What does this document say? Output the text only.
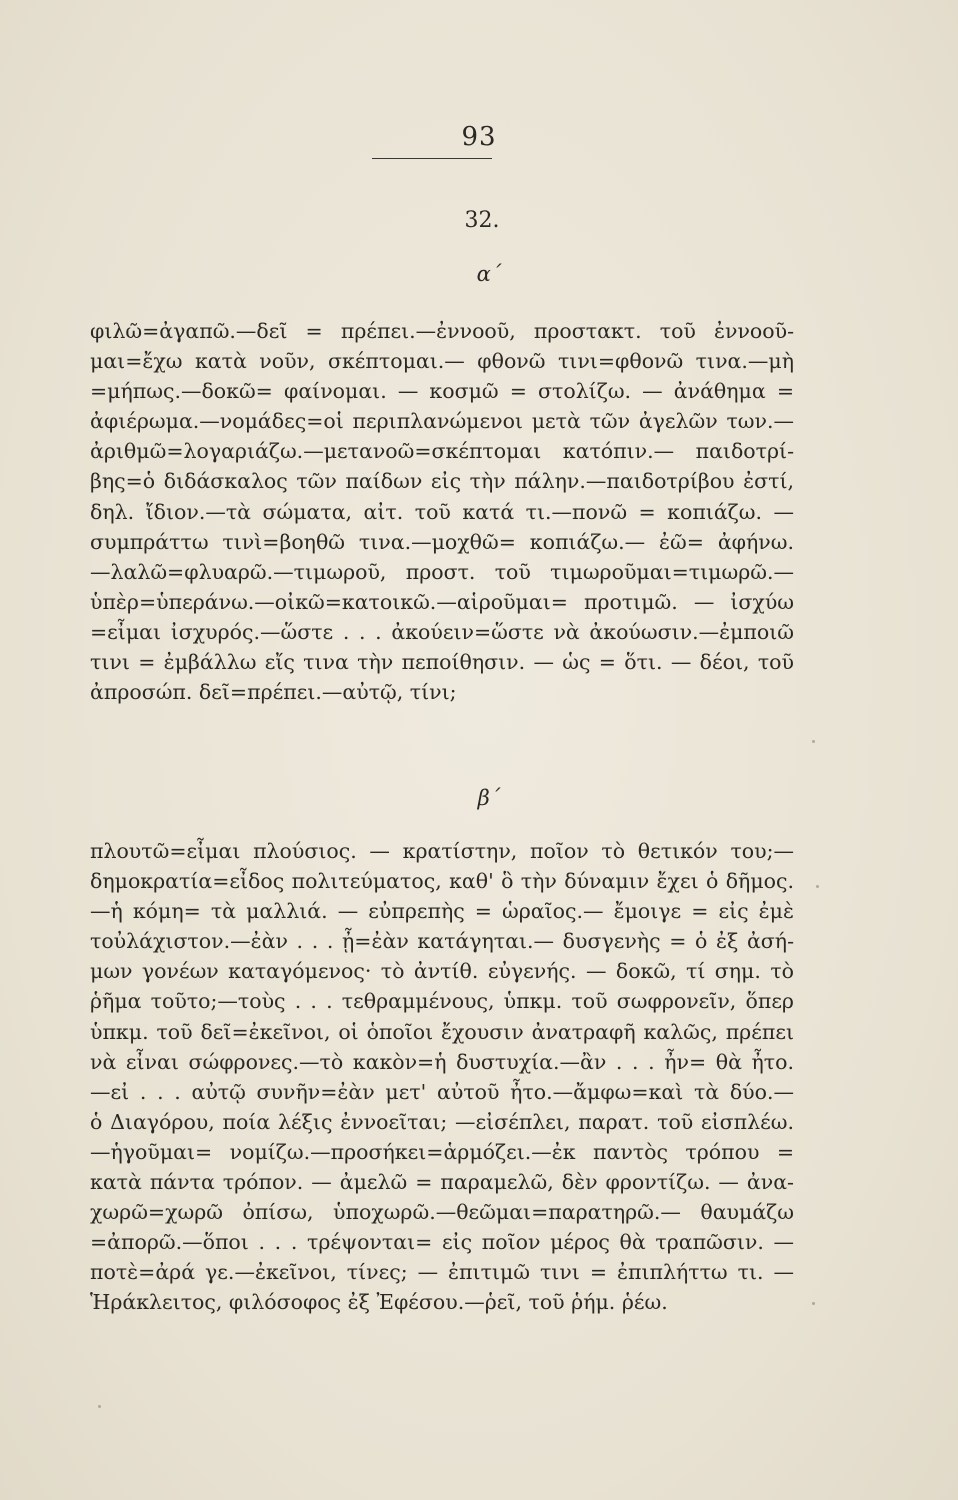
93
32.
α΄
φιλῶ=ἀγαπῶ.—δεῖ = πρέπει.—ἐννοοῦ, προστακτ. τοῦ ἐννοοῦ-
μαι=ἔχω κατὰ νοῦν, σκέπτομαι.— φθονῶ τινι=φθονῶ τινα.—μὴ
=μήπως.—δοκῶ= φαίνομαι. — κοσμῶ = στολίζω. — ἀνάθημα =
ἀφιέρωμα.—νομάδες=οἱ περιπλανώμενοι μετὰ τῶν ἀγελῶν των.—
ἀριθμῶ=λογαριάζω.—μετανοῶ=σκέπτομαι κατόπιν.— παιδοτρί-
βης=ὁ διδάσκαλος τῶν παίδων εἰς τὴν πάλην.—παιδοτρίβου ἐστί,
δηλ. ἴδιον.—τὰ σώματα, αἰτ. τοῦ κατά τι.—πονῶ = κοπιάζω. —
συμπράττω τινὶ=βοηθῶ τινα.—μοχθῶ= κοπιάζω.— ἐῶ= ἀφήνω.
—λαλῶ=φλυαρῶ.—τιμωροῦ, προστ. τοῦ τιμωροῦμαι=τιμωρῶ.—
ὑπὲρ=ὑπεράνω.—οἰκῶ=κατοικῶ.—αἱροῦμαι= προτιμῶ. — ἰσχύω
=εἶμαι ἰσχυρός.—ὥστε . . . ἀκούειν=ὥστε νὰ ἀκούωσιν.—ἐμποιῶ
τινι = ἐμβάλλω εἴς τινα τὴν πεποίθησιν. — ὡς = ὅτι. — δέοι, τοῦ
ἀπροσώπ. δεῖ=πρέπει.—αὐτῷ, τίνι;
β΄
πλουτῶ=εἶμαι πλούσιος. — κρατίστην, ποῖον τὸ θετικόν του;—
δημοκρατία=εἶδος πολιτεύματος, καθ' ὃ τὴν δύναμιν ἔχει ὁ δῆμος.
—ἡ κόμη= τὰ μαλλιά. — εὐπρεπὴς = ὡραῖος.— ἔμοιγε = εἰς ἐμὲ
τοὐλάχιστον.—ἐὰν . . . ᾖ=ἐὰν κατάγηται.— δυσγενὴς = ὁ ἐξ ἀσή-
μων γονέων καταγόμενος· τὸ ἀντίθ. εὐγενής. — δοκῶ, τί σημ. τὸ
ῥῆμα τοῦτο;—τοὺς . . . τεθραμμένους, ὑπκμ. τοῦ σωφρονεῖν, ὅπερ
ὑπκμ. τοῦ δεῖ=ἐκεῖνοι, οἱ ὁποῖοι ἔχουσιν ἀνατραφῆ καλῶς, πρέπει
νὰ εἶναι σώφρονες.—τὸ κακὸν=ἡ δυστυχία.—ἂν . . . ἦν= θὰ ἦτο.
—εἰ . . . αὐτῷ συνῆν=ἐὰν μετ' αὐτοῦ ἦτο.—ἄμφω=καὶ τὰ δύο.—
ὁ Διαγόρου, ποία λέξις ἐννοεῖται; —εἰσέπλει, παρατ. τοῦ εἰσπλέω.
—ἡγοῦμαι= νομίζω.—προσήκει=ἁρμόζει.—ἐκ παντὸς τρόπου =
κατὰ πάντα τρόπον. — ἀμελῶ = παραμελῶ, δὲν φροντίζω. — ἀνα-
χωρῶ=χωρῶ ὀπίσω, ὑποχωρῶ.—θεῶμαι=παρατηρῶ.— θαυμάζω
=ἀπορῶ.—ὅποι . . . τρέψονται= εἰς ποῖον μέρος θὰ τραπῶσιν. —
ποτὲ=ἀρά γε.—ἐκεῖνοι, τίνες; — ἐπιτιμῶ τινι = ἐπιπλήττω τι. —
Ἡράκλειτος, φιλόσοφος ἐξ Ἐφέσου.—ῥεῖ, τοῦ ῥήμ. ῥέω.
